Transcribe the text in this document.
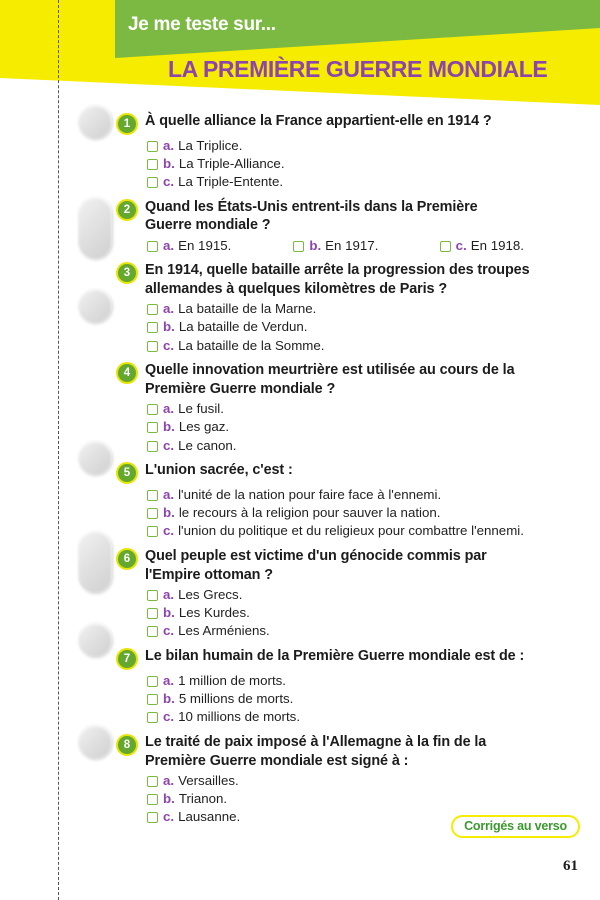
Je me teste sur...
LA PREMIÈRE GUERRE MONDIALE
1	À quelle alliance la France appartient-elle en 1914 ?
a. La Triplice.
b. La Triple-Alliance.
c. La Triple-Entente.
2	Quand les États-Unis entrent-ils dans la Première Guerre mondiale ?
a. En 1915.	b. En 1917.	c. En 1918.
3	En 1914, quelle bataille arrête la progression des troupes allemandes à quelques kilomètres de Paris ?
a. La bataille de la Marne.
b. La bataille de Verdun.
c. La bataille de la Somme.
4	Quelle innovation meurtrière est utilisée au cours de la Première Guerre mondiale ?
a. Le fusil.
b. Les gaz.
c. Le canon.
5	L'union sacrée, c'est :
a. l'unité de la nation pour faire face à l'ennemi.
b. le recours à la religion pour sauver la nation.
c. l'union du politique et du religieux pour combattre l'ennemi.
6	Quel peuple est victime d'un génocide commis par l'Empire ottoman ?
a. Les Grecs.
b. Les Kurdes.
c. Les Arméniens.
7	Le bilan humain de la Première Guerre mondiale est de :
a. 1 million de morts.
b. 5 millions de morts.
c. 10 millions de morts.
8	Le traité de paix imposé à l'Allemagne à la fin de la Première Guerre mondiale est signé à :
a. Versailles.
b. Trianon.
c. Lausanne.
Corrigés au verso
61
